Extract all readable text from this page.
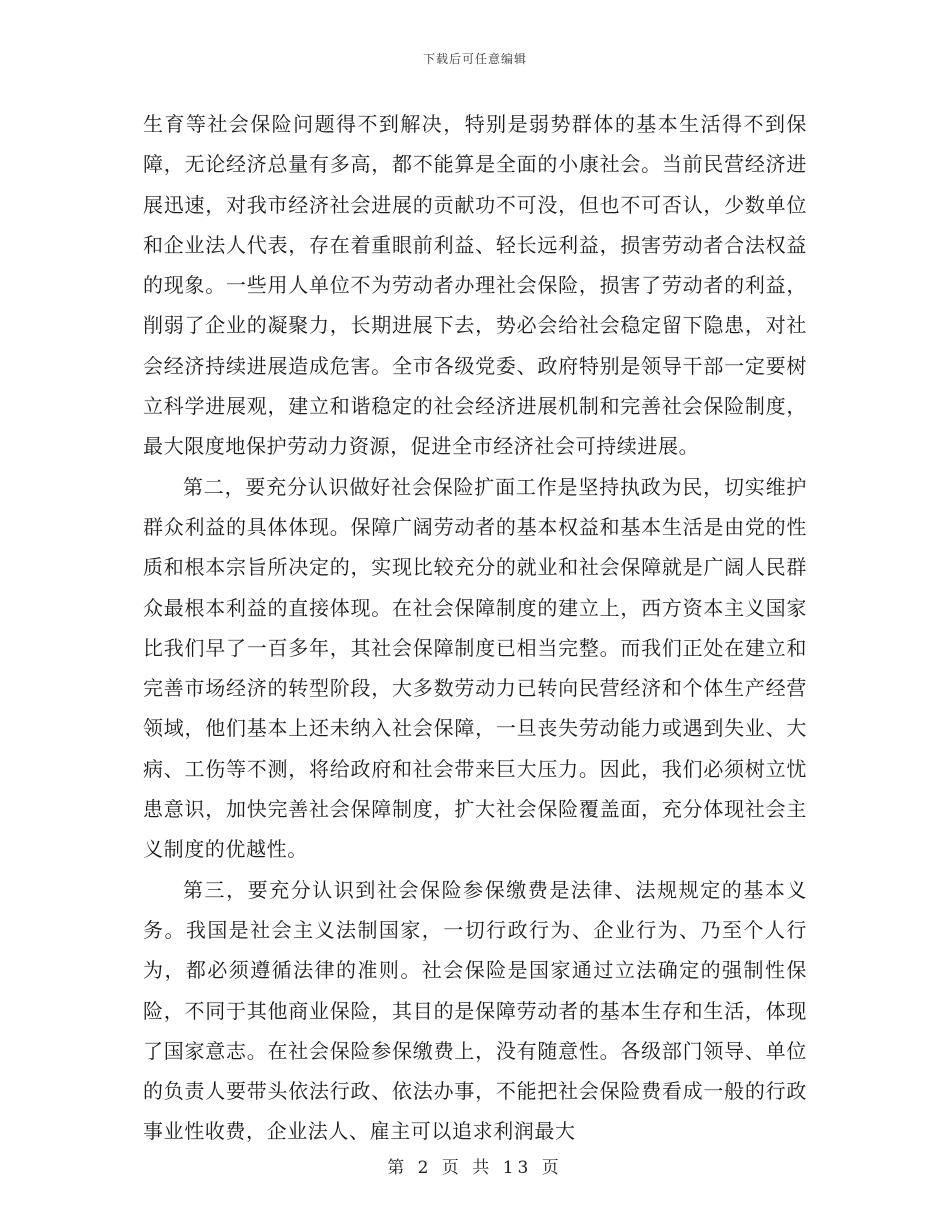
下载后可任意编辑

生育等社会保险问题得不到解决，特别是弱势群体的基本生活得不到保障，无论经济总量有多高，都不能算是全面的小康社会。当前民营经济进展迅速，对我市经济社会进展的贡献功不可没，但也不可否认，少数单位和企业法人代表，存在着重眼前利益、轻长远利益，损害劳动者合法权益的现象。一些用人单位不为劳动者办理社会保险，损害了劳动者的利益，削弱了企业的凝聚力，长期进展下去，势必会给社会稳定留下隐患，对社会经济持续进展造成危害。全市各级党委、政府特别是领导干部一定要树立科学进展观，建立和谐稳定的社会经济进展机制和完善社会保险制度，最大限度地保护劳动力资源，促进全市经济社会可持续进展。

第二，要充分认识做好社会保险扩面工作是坚持执政为民，切实维护群众利益的具体体现。保障广阔劳动者的基本权益和基本生活是由党的性质和根本宗旨所决定的，实现比较充分的就业和社会保障就是广阔人民群众最根本利益的直接体现。在社会保障制度的建立上，西方资本主义国家比我们早了一百多年，其社会保障制度已相当完整。而我们正处在建立和完善市场经济的转型阶段，大多数劳动力已转向民营经济和个体生产经营领域，他们基本上还未纳入社会保障，一旦丧失劳动能力或遇到失业、大病、工伤等不测，将给政府和社会带来巨大压力。因此，我们必须树立忧患意识，加快完善社会保障制度，扩大社会保险覆盖面，充分体现社会主义制度的优越性。

第三，要充分认识到社会保险参保缴费是法律、法规规定的基本义务。我国是社会主义法制国家，一切行政行为、企业行为、乃至个人行为，都必须遵循法律的准则。社会保险是国家通过立法确定的强制性保险，不同于其他商业保险，其目的是保障劳动者的基本生存和生活，体现了国家意志。在社会保险参保缴费上，没有随意性。各级部门领导、单位的负责人要带头依法行政、依法办事，不能把社会保险费看成一般的行政事业性收费，企业法人、雇主可以追求利润最大

第 2 页 共 13 页
